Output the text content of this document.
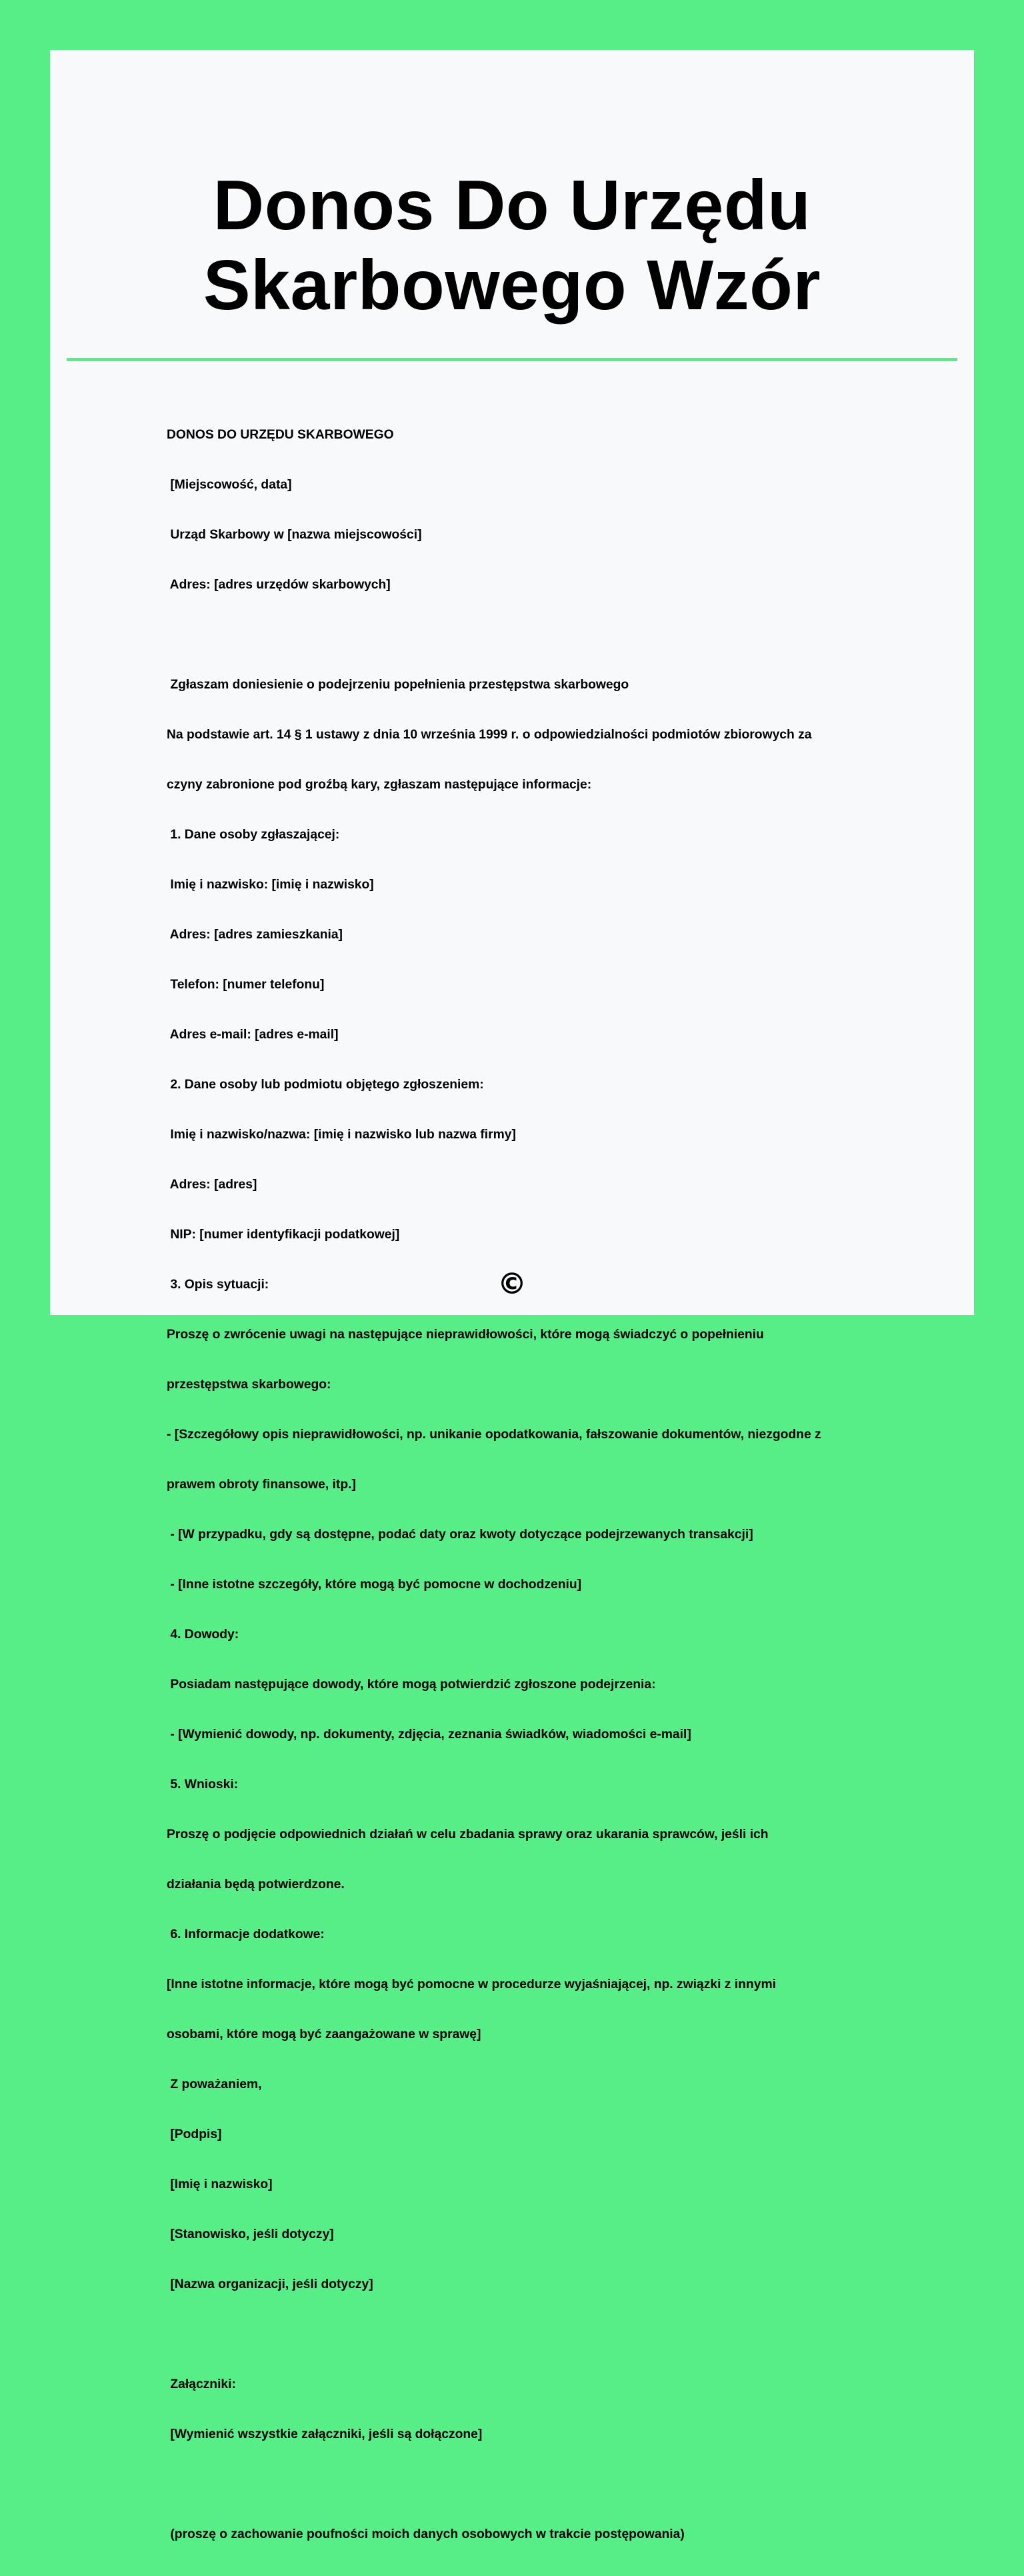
Donos Do Urzędu
Skarbowego Wzór

DONOS DO URZĘDU SKARBOWEGO

[Miejscowość, data]

Urząd Skarbowy w [nazwa miejscowości]

Adres: [adres urzędów skarbowych]

Zgłaszam doniesienie o podejrzeniu popełnienia przestępstwa skarbowego

Na podstawie art. 14 § 1 ustawy z dnia 10 września 1999 r. o odpowiedzialności podmiotów zbiorowych za

czyny zabronione pod groźbą kary, zgłaszam następujące informacje:

1. Dane osoby zgłaszającej:

Imię i nazwisko: [imię i nazwisko]

Adres: [adres zamieszkania]

Telefon: [numer telefonu]

Adres e-mail: [adres e-mail]

2. Dane osoby lub podmiotu objętego zgłoszeniem:

Imię i nazwisko/nazwa: [imię i nazwisko lub nazwa firmy]

Adres: [adres]

NIP: [numer identyfikacji podatkowej]

3. Opis sytuacji:

Proszę o zwrócenie uwagi na następujące nieprawidłowości, które mogą świadczyć o popełnieniu

przestępstwa skarbowego:

- [Szczegółowy opis nieprawidłowości, np. unikanie opodatkowania, fałszowanie dokumentów, niezgodne z

prawem obroty finansowe, itp.]

- [W przypadku, gdy są dostępne, podać daty oraz kwoty dotyczące podejrzewanych transakcji]

- [Inne istotne szczegóły, które mogą być pomocne w dochodzeniu]

4. Dowody:

Posiadam następujące dowody, które mogą potwierdzić zgłoszone podejrzenia:

- [Wymienić dowody, np. dokumenty, zdjęcia, zeznania świadków, wiadomości e-mail]

5. Wnioski:

Proszę o podjęcie odpowiednich działań w celu zbadania sprawy oraz ukarania sprawców, jeśli ich

działania będą potwierdzone.

6. Informacje dodatkowe:

[Inne istotne informacje, które mogą być pomocne w procedurze wyjaśniającej, np. związki z innymi

osobami, które mogą być zaangażowane w sprawę]

Z poważaniem,

[Podpis]

[Imię i nazwisko]

[Stanowisko, jeśli dotyczy]

[Nazwa organizacji, jeśli dotyczy]

Załączniki:

[Wymienić wszystkie załączniki, jeśli są dołączone]

(proszę o zachowanie poufności moich danych osobowych w trakcie postępowania)

©
